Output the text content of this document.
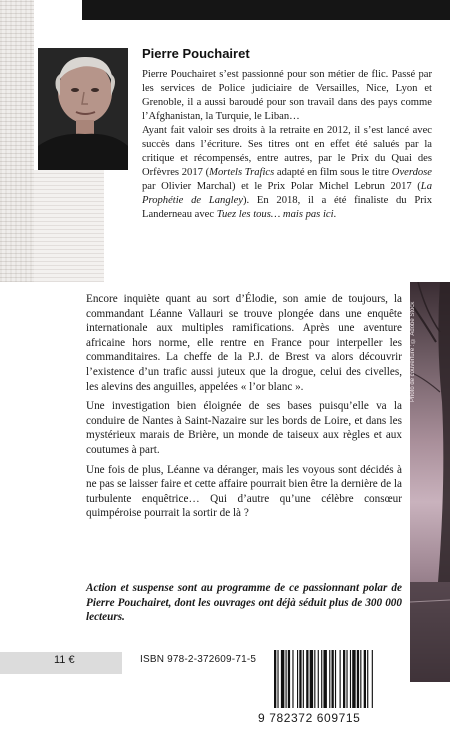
Pierre Pouchairet

Pierre Pouchairet s’est passionné pour son métier de flic. Passé par les services de Police judiciaire de Versailles, Nice, Lyon et Grenoble, il a aussi baroudé pour son travail dans des pays comme l’Afghanistan, la Turquie, le Liban…

Ayant fait valoir ses droits à la retraite en 2012, il s’est lancé avec succès dans l’écriture. Ses titres ont en effet été salués par la critique et récompensés, entre autres, par le Prix du Quai des Orfèvres 2017 (Mortels Trafics adapté en film sous le titre Overdose par Olivier Marchal) et le Prix Polar Michel Lebrun 2017 (La Prophétie de Langley). En 2018, il a été finaliste du Prix Landerneau avec Tuez les tous… mais pas ici.

Photo de couverture : © Adobe Stock

Encore inquiète quant au sort d’Élodie, son amie de toujours, la commandant Léanne Vallauri se trouve plongée dans une enquête internationale aux multiples ramifications. Après une aventure africaine hors norme, elle rentre en France pour interpeller les commanditaires. La cheffe de la P.J. de Brest va alors découvrir l’existence d’un trafic aussi juteux que la drogue, celui des civelles, les alevins des anguilles, appelées « l’or blanc ».

Une investigation bien éloignée de ses bases puisqu’elle va la conduire de Nantes à Saint-Nazaire sur les bords de Loire, et dans les mystérieux marais de Brière, un monde de taiseux aux règles et aux coutumes à part.

Une fois de plus, Léanne va déranger, mais les voyous sont décidés à ne pas se laisser faire et cette affaire pourrait bien être la dernière de la turbulente enquêtrice… Qui d’autre qu’une célèbre consœur quimpéroise pourrait la sortir de là ?

Action et suspense sont au programme de ce passionnant polar de Pierre Pouchairet, dont les ouvrages ont déjà séduit plus de 300 000 lecteurs.
11 €	ISBN 978-2-372609-71-5
9 782372 609715
